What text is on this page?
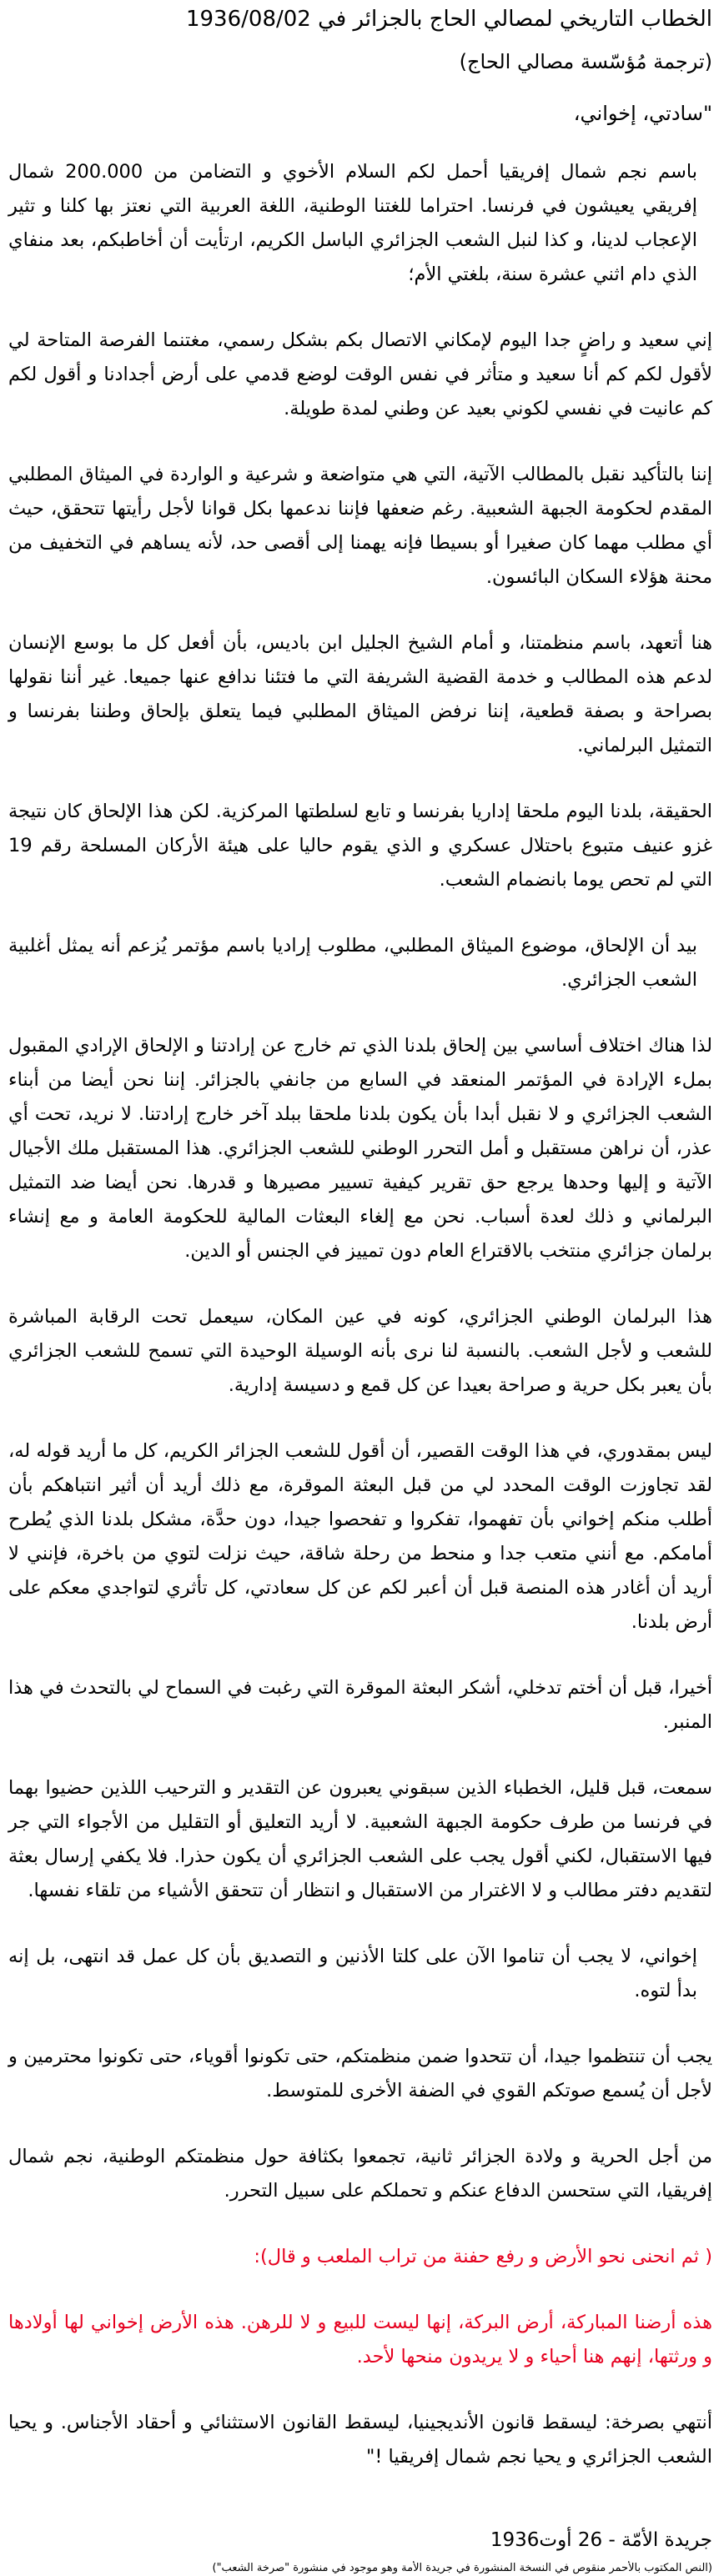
الخطاب التاريخي لمصالي الحاج بالجزائر في 1936/08/02
(ترجمة مُؤسّسة مصالي الحاج)
"سادتي، إخواني،

باسم نجم شمال إفريقيا أحمل لكم السلام الأخوي و التضامن من 200.000 شمال إفريقي يعيشون في فرنسا. احتراما للغتنا الوطنية، اللغة العربية التي نعتز بها كلنا و تثير الإعجاب لدينا، و كذا لنبل الشعب الجزائري الباسل الكريم، ارتأيت أن أخاطبكم، بعد منفاي الذي دام اثني عشرة سنة، بلغتي الأم؛

إني سعيد و راضٍ جدا اليوم لإمكاني الاتصال بكم بشكل رسمي، مغتنما الفرصة المتاحة لي لأقول لكم كم أنا سعيد و متأثر في نفس الوقت لوضع قدمي على أرض أجدادنا و أقول لكم كم عانيت في نفسي لكوني بعيد عن وطني لمدة طويلة.

إننا بالتأكيد نقبل بالمطالب الآتية، التي هي متواضعة و شرعية و الواردة في الميثاق المطلبي المقدم لحكومة الجبهة الشعبية. رغم ضعفها فإننا ندعمها بكل قوانا لأجل رأيتها تتحقق، حيث أي مطلب مهما كان صغيرا أو بسيطا فإنه يهمنا إلى أقصى حد، لأنه يساهم في التخفيف من محنة هؤلاء السكان البائسون.

هنا أتعهد، باسم منظمتنا، و أمام الشيخ الجليل ابن باديس، بأن أفعل كل ما بوسع الإنسان لدعم هذه المطالب و خدمة القضية الشريفة التي ما فتئنا ندافع عنها جميعا. غير أننا نقولها بصراحة و بصفة قطعية، إننا نرفض الميثاق المطلبي فيما يتعلق بإلحاق وطننا بفرنسا و التمثيل البرلماني.

الحقيقة، بلدنا اليوم ملحقا إداريا بفرنسا و تابع لسلطتها المركزية. لكن هذا الإلحاق كان نتيجة غزو عنيف متبوع باحتلال عسكري و الذي يقوم حاليا على هيئة الأركان المسلحة رقم 19 التي لم تحص يوما بانضمام الشعب.

بيد أن الإلحاق، موضوع الميثاق المطلبي، مطلوب إراديا باسم مؤتمر يُزعم أنه يمثل أغلبية الشعب الجزائري.

لذا هناك اختلاف أساسي بين إلحاق بلدنا الذي تم خارج عن إرادتنا و الإلحاق الإرادي المقبول بملء الإرادة في المؤتمر المنعقد في السابع من جانفي بالجزائر. إننا نحن أيضا من أبناء الشعب الجزائري و لا نقبل أبدا بأن يكون بلدنا ملحقا ببلد آخر خارج إرادتنا. لا نريد، تحت أي عذر، أن نراهن مستقبل و أمل التحرر الوطني للشعب الجزائري. هذا المستقبل ملك الأجيال الآتية و إليها وحدها يرجع حق تقرير كيفية تسيير مصيرها و قدرها. نحن أيضا ضد التمثيل البرلماني و ذلك لعدة أسباب. نحن مع إلغاء البعثات المالية للحكومة العامة و مع إنشاء برلمان جزائري منتخب بالاقتراع العام دون تمييز في الجنس أو الدين.

هذا البرلمان الوطني الجزائري، كونه في عين المكان، سيعمل تحت الرقابة المباشرة للشعب و لأجل الشعب. بالنسبة لنا نرى بأنه الوسيلة الوحيدة التي تسمح للشعب الجزائري بأن يعبر بكل حرية و صراحة بعيدا عن كل قمع و دسيسة إدارية.

ليس بمقدوري، في هذا الوقت القصير، أن أقول للشعب الجزائر الكريم، كل ما أريد قوله له، لقد تجاوزت الوقت المحدد لي من قبل البعثة الموقرة، مع ذلك أريد أن أثير انتباهكم بأن أطلب منكم إخواني بأن تفهموا، تفكروا و تفحصوا جيدا، دون حدَّة، مشكل بلدنا الذي يُطرح أمامكم. مع أنني متعب جدا و منحط من رحلة شاقة، حيث نزلت لتوي من باخرة، فإنني لا أريد أن أغادر هذه المنصة قبل أن أعبر لكم عن كل سعادتي، كل تأثري لتواجدي معكم على أرض بلدنا.

أخيرا، قبل أن أختم تدخلي، أشكر البعثة الموقرة التي رغبت في السماح لي بالتحدث في هذا المنبر.

سمعت، قبل قليل، الخطباء الذين سبقوني يعبرون عن التقدير و الترحيب اللذين حضيوا بهما في فرنسا من طرف حكومة الجبهة الشعبية. لا أريد التعليق أو التقليل من الأجواء التي جر فيها الاستقبال، لكني أقول يجب على الشعب الجزائري أن يكون حذرا. فلا يكفي إرسال بعثة لتقديم دفتر مطالب و لا الاغترار من الاستقبال و انتظار أن تتحقق الأشياء من تلقاء نفسها.

إخواني، لا يجب أن تناموا الآن على كلتا الأذنين و التصديق بأن كل عمل قد انتهى، بل إنه بدأ لتوه.

يجب أن تنتظموا جيدا، أن تتحدوا ضمن منظمتكم، حتى تكونوا أقوياء، حتى تكونوا محترمين و لأجل أن يُسمع صوتكم القوي في الضفة الأخرى للمتوسط.

من أجل الحرية و ولادة الجزائر ثانية، تجمعوا بكثافة حول منظمتكم الوطنية، نجم شمال إفريقيا، التي ستحسن الدفاع عنكم و تحملكم على سبيل التحرر.

( ثم انحنى نحو الأرض و رفع حفنة من تراب الملعب و قال):

هذه أرضنا المباركة، أرض البركة، إنها ليست للبيع و لا للرهن. هذه الأرض إخواني لها أولادها و ورثتها، إنهم هنا أحياء و لا يريدون منحها لأحد.

أنتهي بصرخة: ليسقط قانون الأنديجينيا، ليسقط القانون الاستثنائي و أحقاد الأجناس. و يحيا الشعب الجزائري و يحيا نجم شمال إفريقيا !"

جريدة الأمّة - 26 أوت1936
(النص المكتوب بالأحمر منقوص في النسخة المنشورة في جريدة الأمة وهو موجود في منشورة "صرخة الشعب")
